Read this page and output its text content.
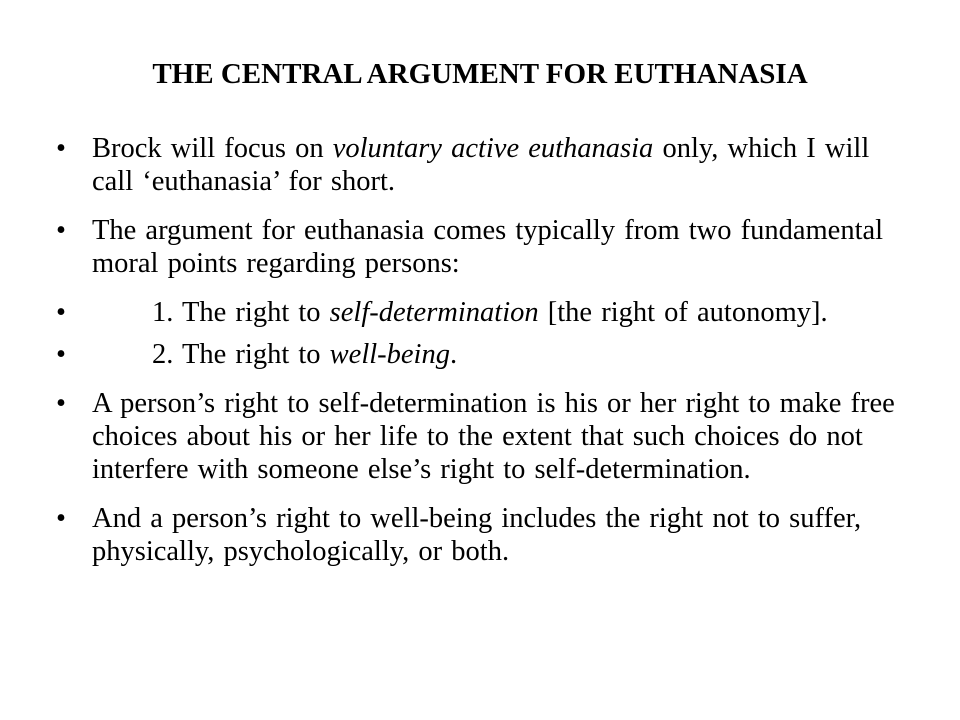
THE CENTRAL ARGUMENT FOR EUTHANASIA
• Brock will focus on voluntary active euthanasia only, which I will call ‘euthanasia’ for short.
• The argument for euthanasia comes typically from two fundamental moral points regarding persons:
•	1. The right to self-determination [the right of autonomy].
•	2. The right to well-being.
• A person’s right to self-determination is his or her right to make free choices about his or her life to the extent that such choices do not interfere with someone else’s right to self-determination.
• And a person’s right to well-being includes the right not to suffer, physically, psychologically, or both.
